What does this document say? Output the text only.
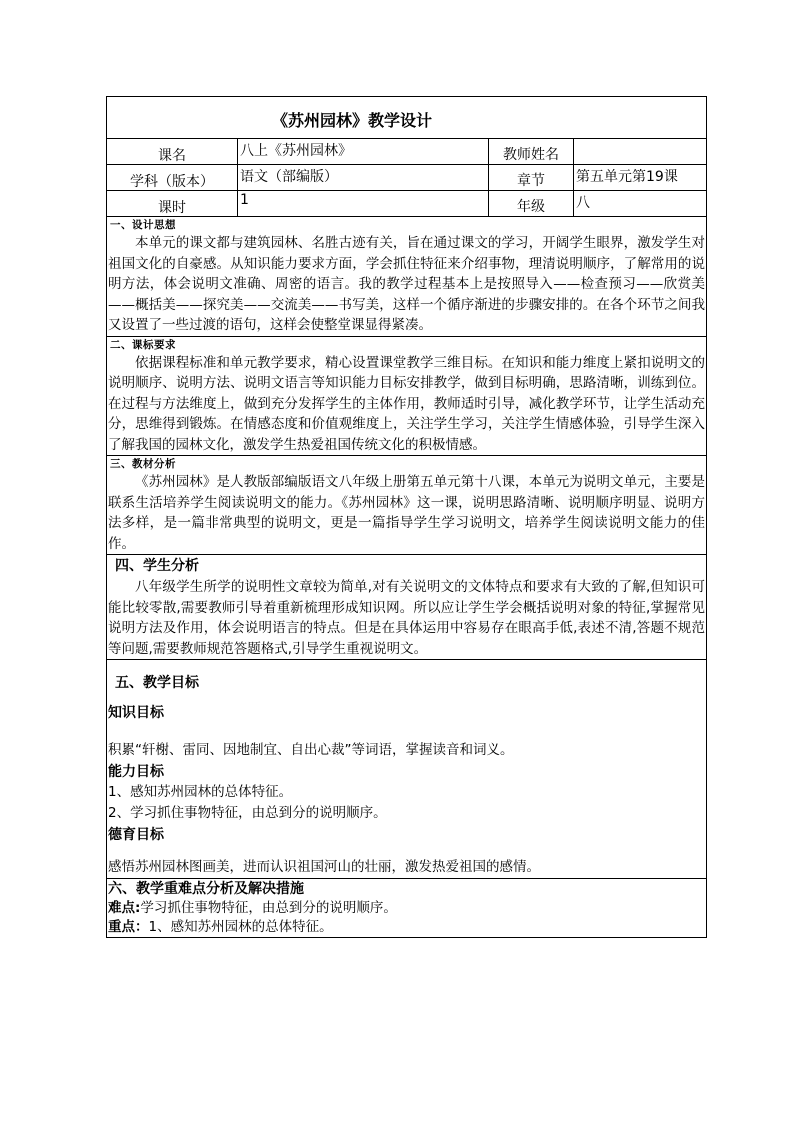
《苏州园林》教学设计
课名	八上《苏州园林》	教师姓名
学科（版本）	语文（部编版）	章节	第五单元第19课
课时	1	年级	八
一、设计思想

本单元的课文都与建筑园林、名胜古迹有关，旨在通过课文的学习，开阔学生眼界，激发学生对祖国文化的自豪感。从知识能力要求方面，学会抓住特征来介绍事物，理清说明顺序，了解常用的说明方法，体会说明文准确、周密的语言。我的教学过程基本上是按照导入——检查预习——欣赏美——概括美——探究美——交流美——书写美，这样一个循序渐进的步骤安排的。在各个环节之间我又设置了一些过渡的语句，这样会使整堂课显得紧凑。

二、课标要求

依据课程标准和单元教学要求，精心设置课堂教学三维目标。在知识和能力维度上紧扣说明文的说明顺序、说明方法、说明文语言等知识能力目标安排教学，做到目标明确，思路清晰，训练到位。在过程与方法维度上，做到充分发挥学生的主体作用，教师适时引导，减化教学环节，让学生活动充分，思维得到锻炼。在情感态度和价值观维度上，关注学生学习，关注学生情感体验，引导学生深入了解我国的园林文化，激发学生热爱祖国传统文化的积极情感。

三、教材分析

《苏州园林》是人教版部编版语文八年级上册第五单元第十八课，本单元为说明文单元，主要是联系生活培养学生阅读说明文的能力。《苏州园林》这一课，说明思路清晰、说明顺序明显、说明方法多样，是一篇非常典型的说明文，更是一篇指导学生学习说明文，培养学生阅读说明文能力的佳作。

四、学生分析

八年级学生所学的说明性文章较为简单,对有关说明文的文体特点和要求有大致的了解,但知识可能比较零散,需要教师引导着重新梳理形成知识网。所以应让学生学会概括说明对象的特征,掌握常见说明方法及作用，体会说明语言的特点。但是在具体运用中容易存在眼高手低,表述不清,答题不规范等问题,需要教师规范答题格式,引导学生重视说明文。

五、教学目标
知识目标
积累“轩榭、雷同、因地制宜、自出心裁”等词语，掌握读音和词义。
能力目标
1、感知苏州园林的总体特征。
2、学习抓住事物特征，由总到分的说明顺序。
德育目标
感悟苏州园林图画美，进而认识祖国河山的壮丽，激发热爱祖国的感情。
六、教学重难点分析及解决措施
难点:学习抓住事物特征，由总到分的说明顺序。
重点：1、感知苏州园林的总体特征。
